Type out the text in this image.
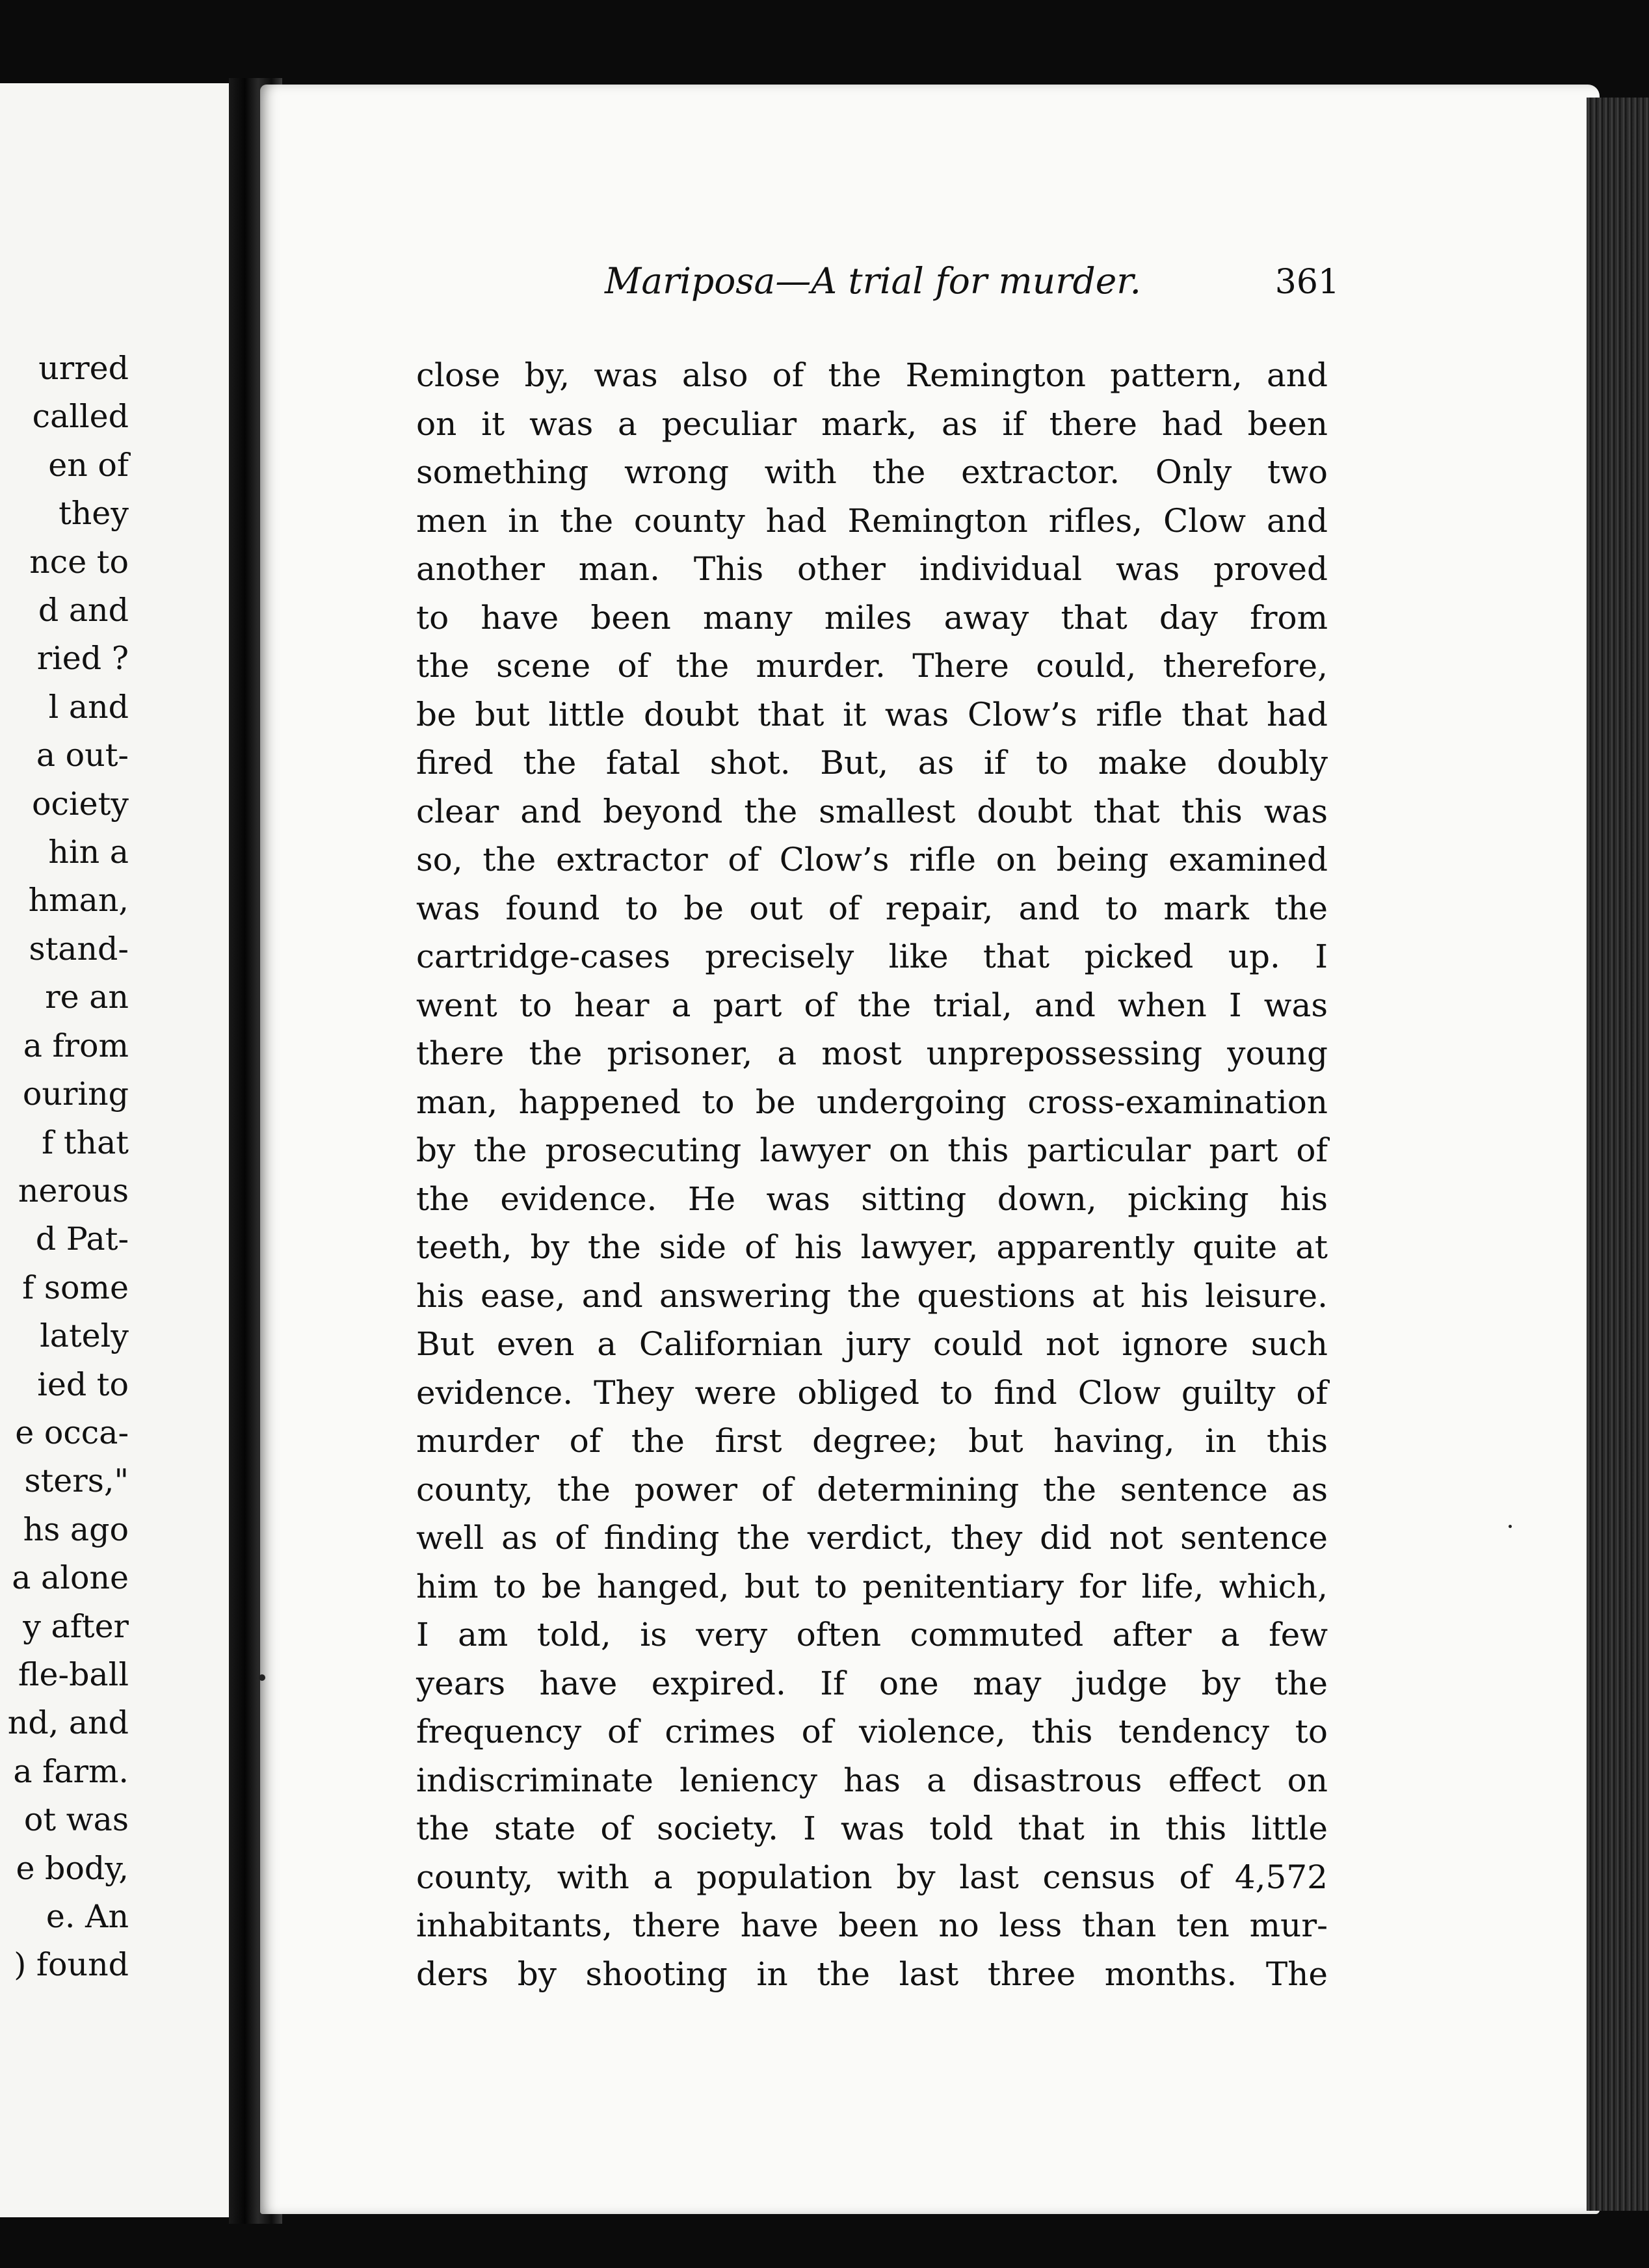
urred
called
en of
they
nce to
d and
ried ?
l and
a out-
ociety
hin a
hman,
stand-
re an
a from
ouring
f that
nerous
d Pat-
f some
lately
ied to
e occa-
sters,"
hs ago
a alone
y after
fle-ball
nd, and
a farm.
ot was
e body,
e. An
) found
Mariposa—A trial for murder.	361
close by, was also of the Remington pattern, and
on it was a peculiar mark, as if there had been
something wrong with the extractor. Only two
men in the county had Remington rifles, Clow and
another man. This other individual was proved
to have been many miles away that day from
the scene of the murder. There could, therefore,
be but little doubt that it was Clow’s rifle that had
fired the fatal shot. But, as if to make doubly
clear and beyond the smallest doubt that this was
so, the extractor of Clow’s rifle on being examined
was found to be out of repair, and to mark the
cartridge-cases precisely like that picked up. I
went to hear a part of the trial, and when I was
there the prisoner, a most unprepossessing young
man, happened to be undergoing cross-examination
by the prosecuting lawyer on this particular part of
the evidence. He was sitting down, picking his
teeth, by the side of his lawyer, apparently quite at
his ease, and answering the questions at his leisure.
But even a Californian jury could not ignore such
evidence. They were obliged to find Clow guilty of
murder of the first degree; but having, in this
county, the power of determining the sentence as
well as of finding the verdict, they did not sentence
him to be hanged, but to penitentiary for life, which,
I am told, is very often commuted after a few
years have expired. If one may judge by the
frequency of crimes of violence, this tendency to
indiscriminate leniency has a disastrous effect on
the state of society. I was told that in this little
county, with a population by last census of 4,572
inhabitants, there have been no less than ten mur-
ders by shooting in the last three months. The
